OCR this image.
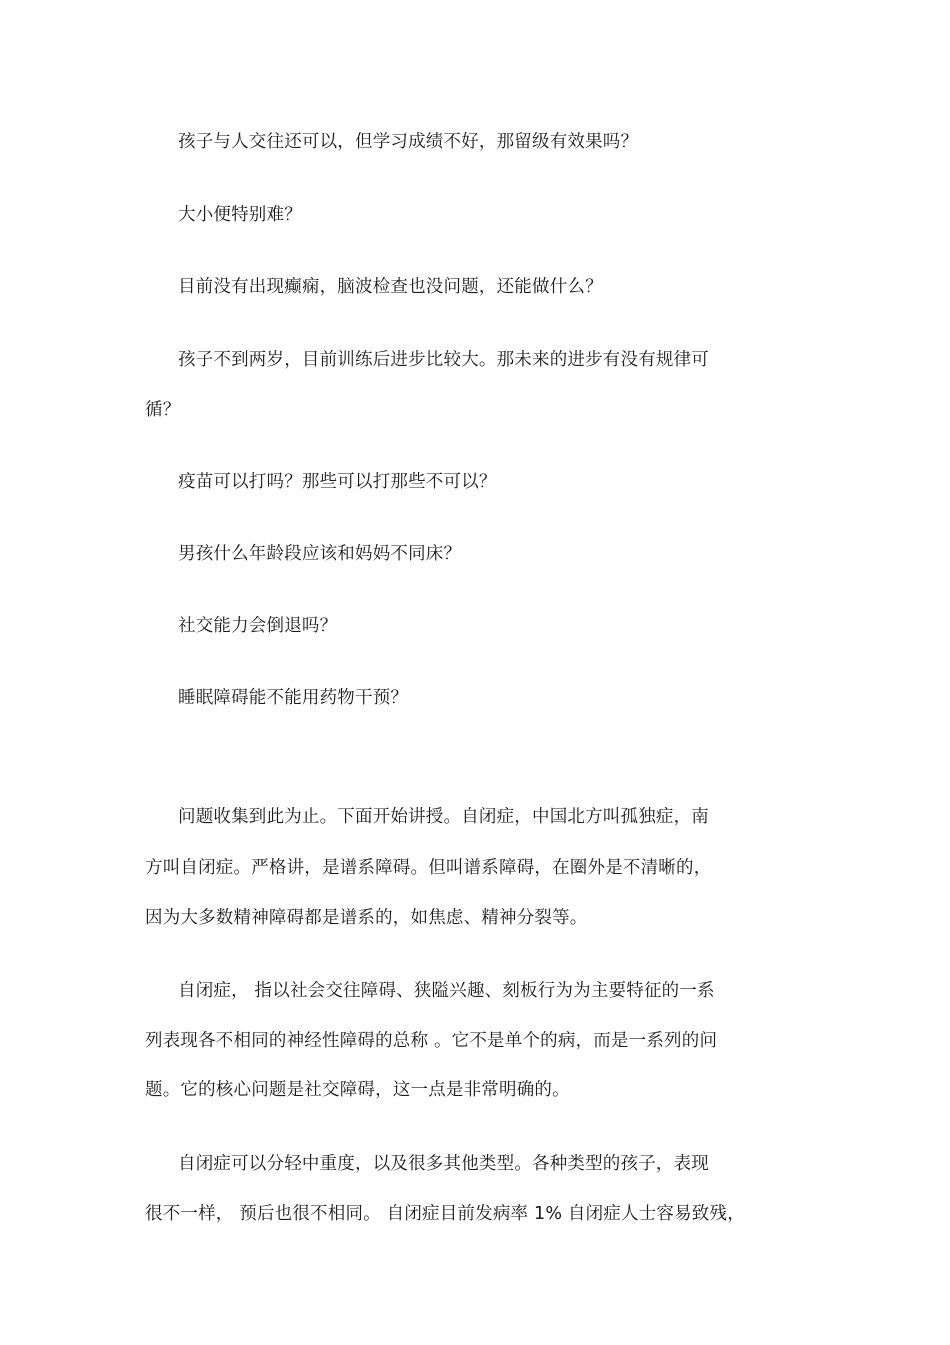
孩子与人交往还可以，但学习成绩不好，那留级有效果吗？
大小便特别难？
目前没有出现癫痫，脑波检查也没问题，还能做什么？
孩子不到两岁，目前训练后进步比较大。那未来的进步有没有规律可
循？
疫苗可以打吗？那些可以打那些不可以？
男孩什么年龄段应该和妈妈不同床？
社交能力会倒退吗？
睡眠障碍能不能用药物干预？
问题收集到此为止。下面开始讲授。自闭症，中国北方叫孤独症，南
方叫自闭症。严格讲，是谱系障碍。但叫谱系障碍，在圈外是不清晰的，
因为大多数精神障碍都是谱系的，如焦虑、精神分裂等。
自闭症， 指以社会交往障碍、狭隘兴趣、刻板行为为主要特征的一系
列表现各不相同的神经性障碍的总称 。它不是单个的病，而是一系列的问
题。它的核心问题是社交障碍，这一点是非常明确的。
自闭症可以分轻中重度，以及很多其他类型。各种类型的孩子，表现
很不一样， 预后也很不相同。 自闭症目前发病率 1% 自闭症人士容易致残，
